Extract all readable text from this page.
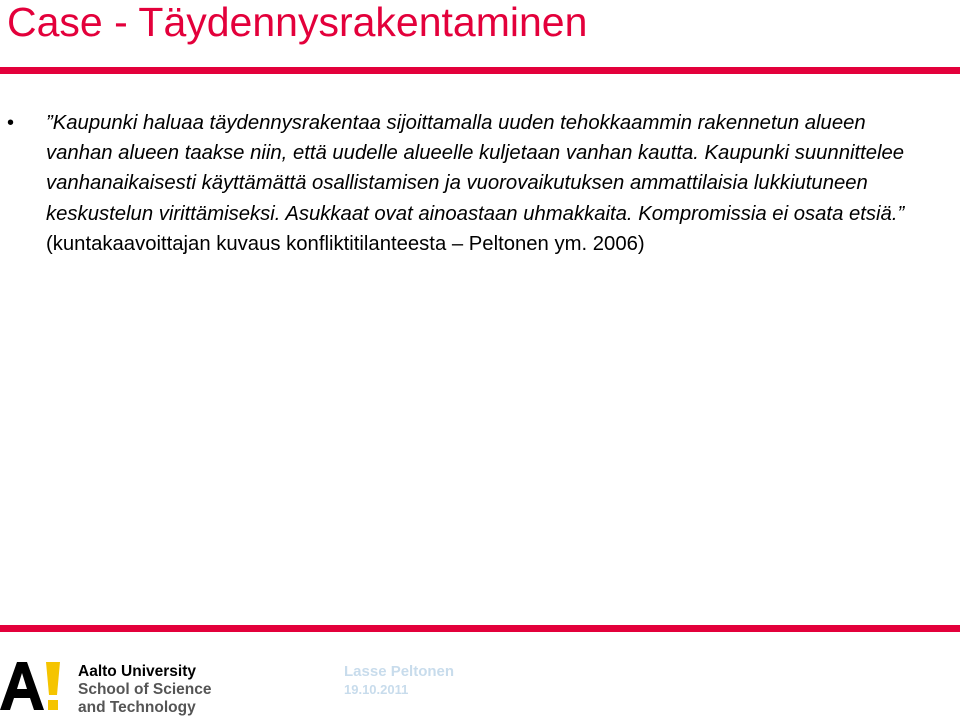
Case - Täydennysrakentaminen
• ”Kaupunki haluaa täydennysrakentaa sijoittamalla uuden tehokkaammin rakennetun alueen vanhan alueen taakse niin, että uudelle alueelle kuljetaan vanhan kautta. Kaupunki suunnittelee vanhanaikaisesti käyttämättä osallistamisen ja vuorovaikutuksen ammattilaisia lukkiutuneen keskustelun virittämiseksi. Asukkaat ovat ainoastaan uhmakkaita. Kompromissia ei osata etsiä.” (kuntakaavoittajan kuvaus konfliktitilanteesta – Peltonen ym. 2006)
Aalto University
School of Science
and Technology
Lasse Peltonen
19.10.2011
